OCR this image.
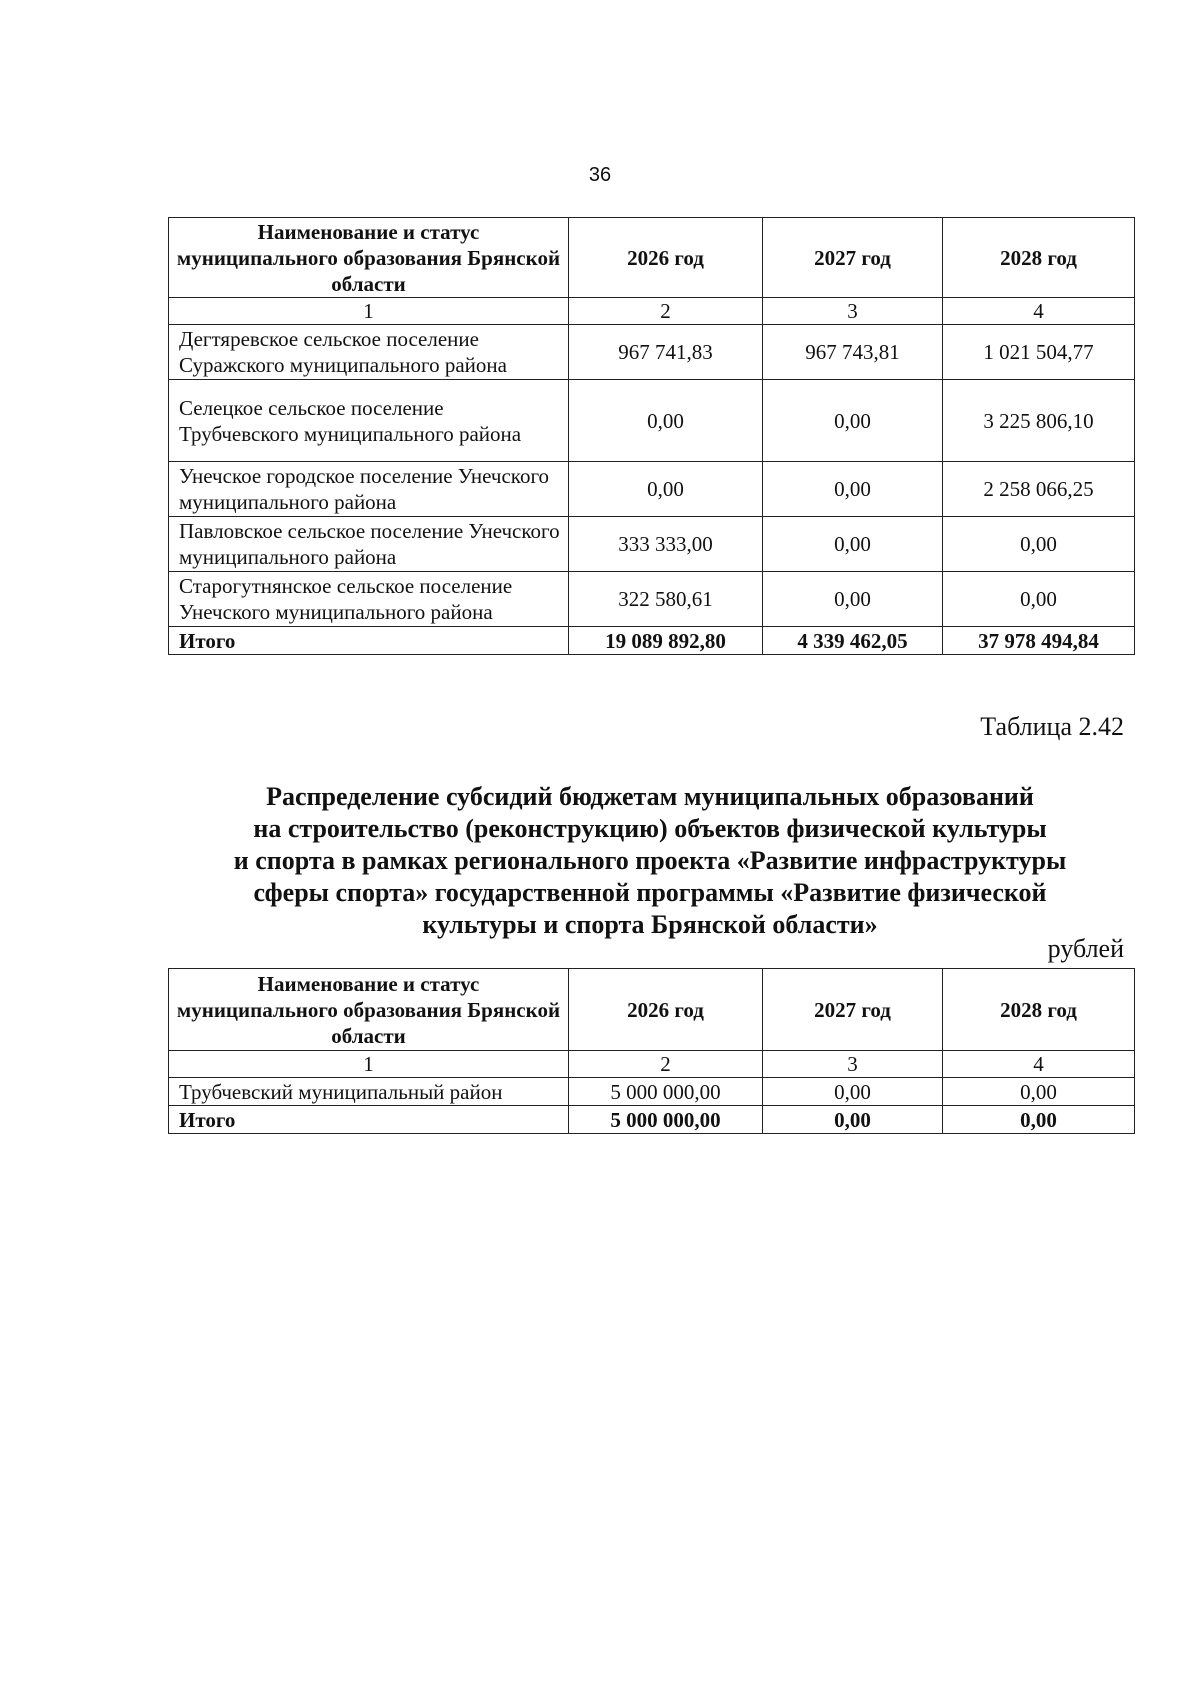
36
Наименование и статус муниципального образования Брянской области	2026 год	2027 год	2028 год
1	2	3	4
Дегтяревское сельское поселение Суражского муниципального района	967 741,83	967 743,81	1 021 504,77
Селецкое сельское поселение Трубчевского муниципального района	0,00	0,00	3 225 806,10
Унечское городское поселение Унечского муниципального района	0,00	0,00	2 258 066,25
Павловское сельское поселение Унечского муниципального района	333 333,00	0,00	0,00
Старогутнянское сельское поселение Унечского муниципального района	322 580,61	0,00	0,00
Итого	19 089 892,80	4 339 462,05	37 978 494,84
Таблица 2.42
Распределение субсидий бюджетам муниципальных образований
на строительство (реконструкцию) объектов физической культуры
и спорта в рамках регионального проекта «Развитие инфраструктуры
сферы спорта» государственной программы «Развитие физической
культуры и спорта Брянской области»
рублей
Наименование и статус муниципального образования Брянской области	2026 год	2027 год	2028 год
1	2	3	4
Трубчевский муниципальный район	5 000 000,00	0,00	0,00
Итого	5 000 000,00	0,00	0,00
